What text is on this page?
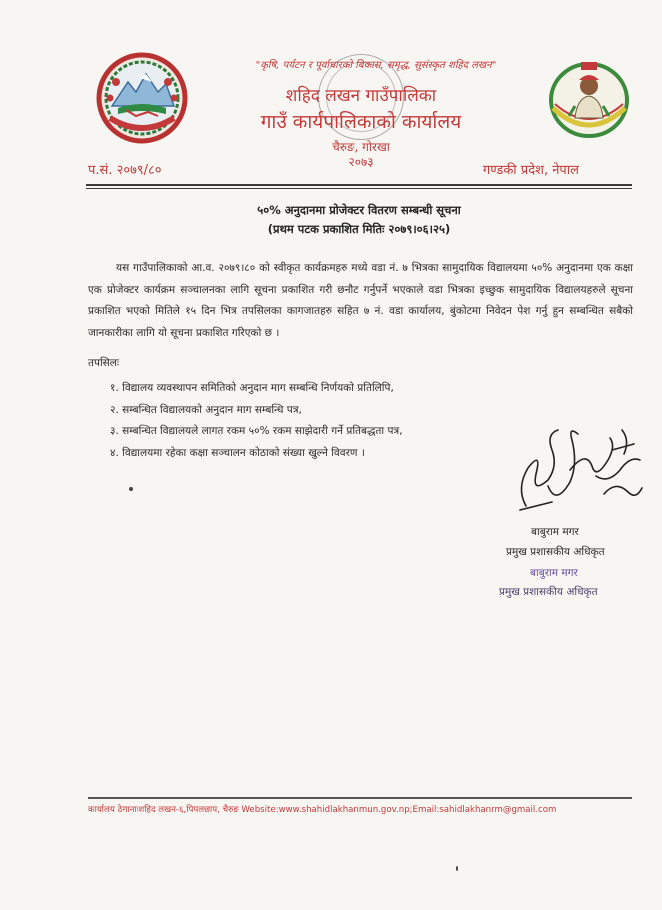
"कृषि, पर्यटन र पूर्वाधारको बिकास, समृद्ध, सुसंस्कृत शहिद लखन"
शहिद लखन गाउँपालिका
गाउँ कार्यपालिकाको कार्यालय
चैरुङ, गोरखा
२०७३
प.सं. २०७९/८०	गण्डकी प्रदेश, नेपाल
५०% अनुदानमा प्रोजेक्टर वितरण सम्बन्धी सूचना
(प्रथम पटक प्रकाशित मितिः २०७९।०६।२५)

यस गाउँपालिकाको आ.व. २०७९।८० को स्वीकृत कार्यक्रमहरु मध्ये वडा नं. ७ भित्रका सामुदायिक विद्यालयमा ५०% अनुदानमा एक कक्षा एक प्रोजेक्टर कार्यक्रम सञ्चालनका लागि सूचना प्रकाशित गरी छनौट गर्नुपर्ने भएकाले वडा भित्रका इच्छुक सामुदायिक विद्यालयहरुले सूचना प्रकाशित भएको मितिले १५ दिन भित्र तपसिलका कागजातहरु सहित ७ नं. वडा कार्यालय, बुंकोटमा निवेदन पेश गर्नु हुन सम्बन्धित सबैको जानकारीका लागि यो सूचना प्रकाशित गरिएको छ ।

तपसिलः
१. विद्यालय व्यवस्थापन समितिको अनुदान माग सम्बन्धि निर्णयको प्रतिलिपि,
२. सम्बन्धित विद्यालयको अनुदान माग सम्बन्धि पत्र,
३. सम्बन्धित विद्यालयले लागत रकम ५०% रकम साझेदारी गर्ने प्रतिबद्धता पत्र,
४. विद्यालयमा रहेका कक्षा सञ्चालन कोठाको संख्या खुल्ने विवरण ।
बाबुराम मगर
प्रमुख प्रशासकीय अधिकृत
बाबुराम मगर
प्रमुख प्रशासकीय अधिकृत
कार्यालय ठेगानाःशहिद लखन-६,पिपलछाप, चैरुङ Website:www.shahidlakhanmun.gov.np;Email:sahidlakhanrm@gmail.com
